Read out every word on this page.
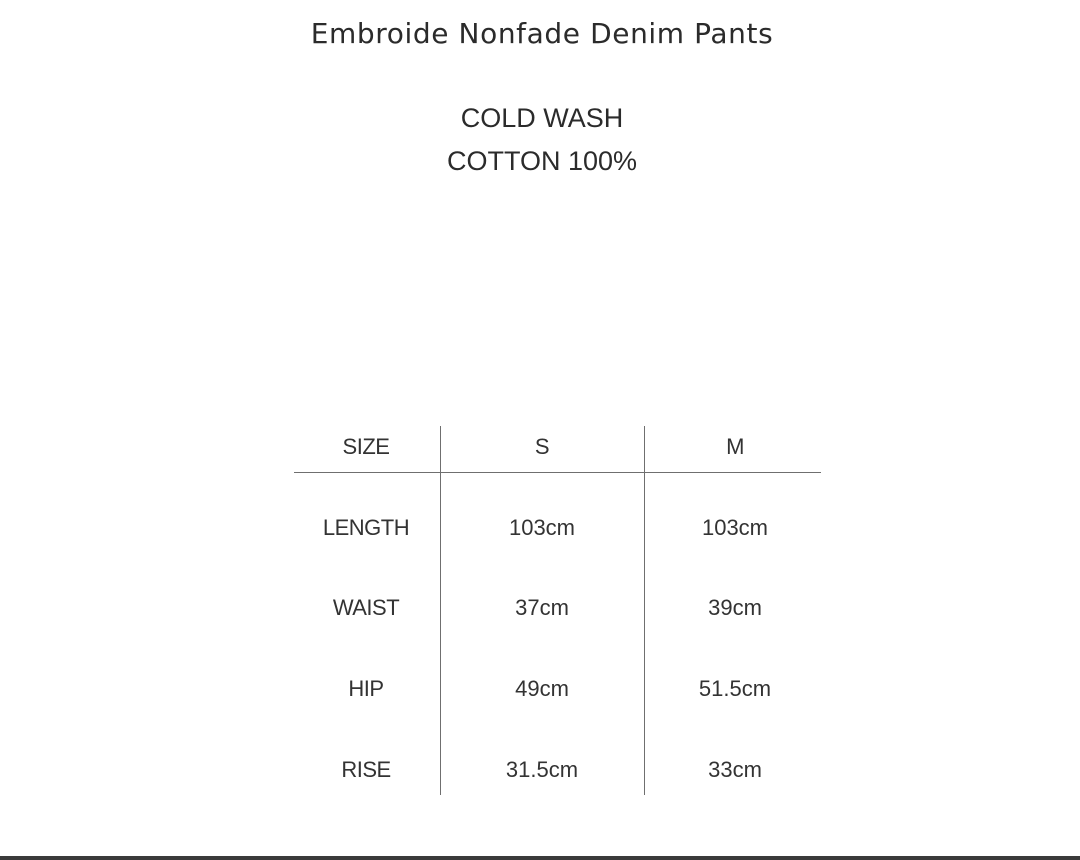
Embroide Nonfade Denim Pants
COLD WASH
COTTON 100%
SIZE	S	M
LENGTH	103cm	103cm
WAIST	37cm	39cm
HIP	49cm	51.5cm
RISE	31.5cm	33cm
